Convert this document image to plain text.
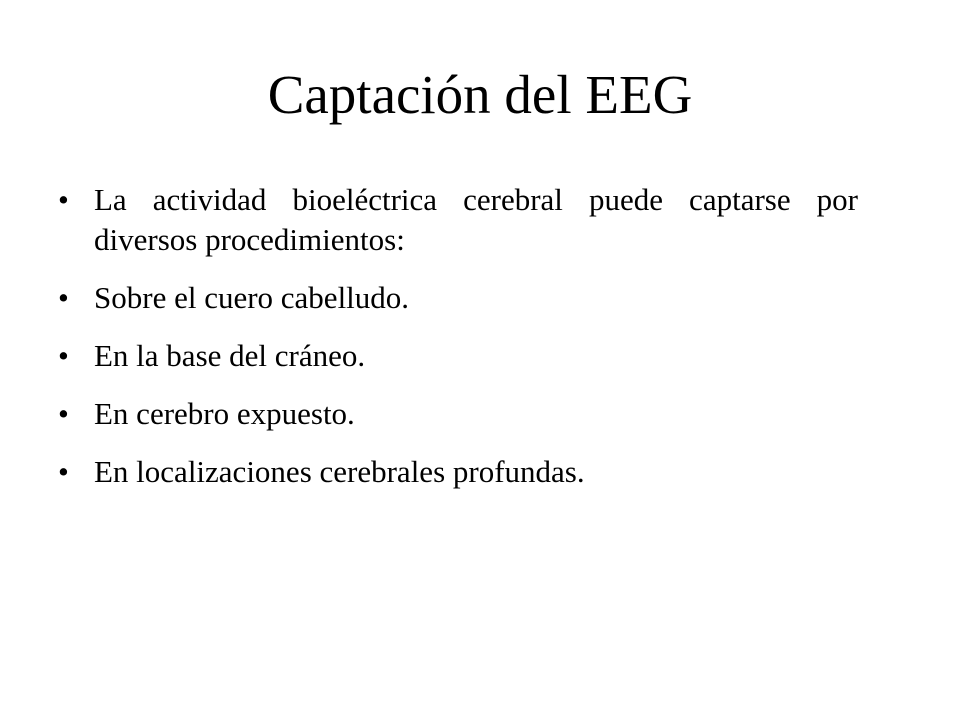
Captación del EEG
• La actividad bioeléctrica cerebral puede captarse por diversos procedimientos:
• Sobre el cuero cabelludo.
• En la base del cráneo.
• En cerebro expuesto.
• En localizaciones cerebrales profundas.
